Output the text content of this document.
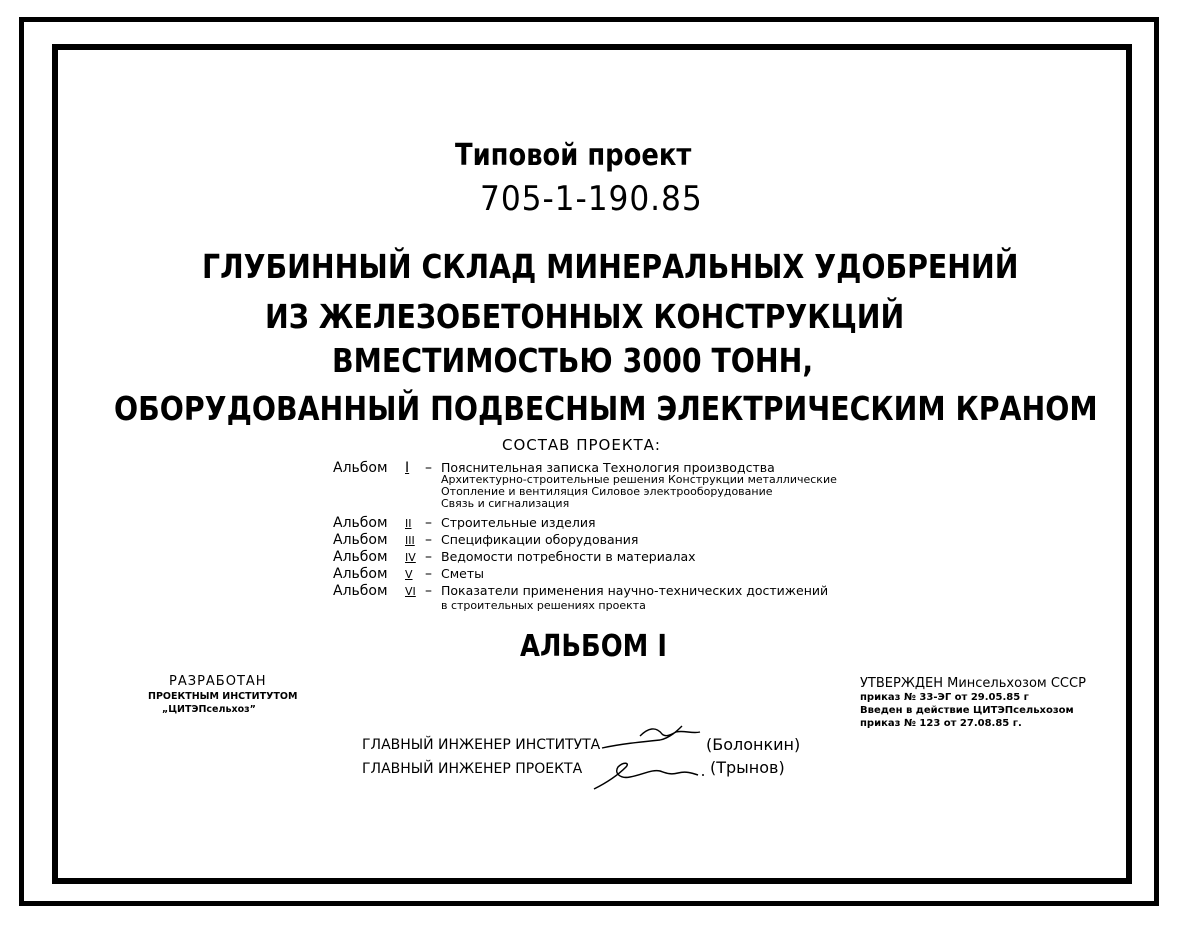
Типовой проект
705-1-190.85
ГЛУБИННЫЙ СКЛАД МИНЕРАЛЬНЫХ УДОБРЕНИЙ
ИЗ ЖЕЛЕЗОБЕТОННЫХ КОНСТРУКЦИЙ
ВМЕСТИМОСТЬЮ 3000 ТОНН,
ОБОРУДОВАННЫЙ ПОДВЕСНЫМ ЭЛЕКТРИЧЕСКИМ КРАНОМ
СОСТАВ ПРОЕКТА:
Альбом I – Пояснительная записка Технология производства
Архитектурно-строительные решения Конструкции металлические
Отопление и вентиляция Силовое электрооборудование
Связь и сигнализация
Альбом II – Строительные изделия
Альбом III – Спецификации оборудования
Альбом IV – Ведомости потребности в материалах
Альбом V – Сметы
Альбом VI – Показатели применения научно-технических достижений
в строительных решениях проекта
АЛЬБОМ I
РАЗРАБОТАН
ПРОЕКТНЫМ ИНСТИТУТОМ
„ЦИТЭПсельхоз”
УТВЕРЖДЕН Минсельхозом СССР
приказ № 33-ЭГ от 29.05.85 г
Введен в действие ЦИТЭПсельхозом
приказ № 123 от 27.08.85 г.
ГЛАВНЫЙ ИНЖЕНЕР ИНСТИТУТА	(Болонкин)
ГЛАВНЫЙ ИНЖЕНЕР ПРОЕКТА	(Трынов)
